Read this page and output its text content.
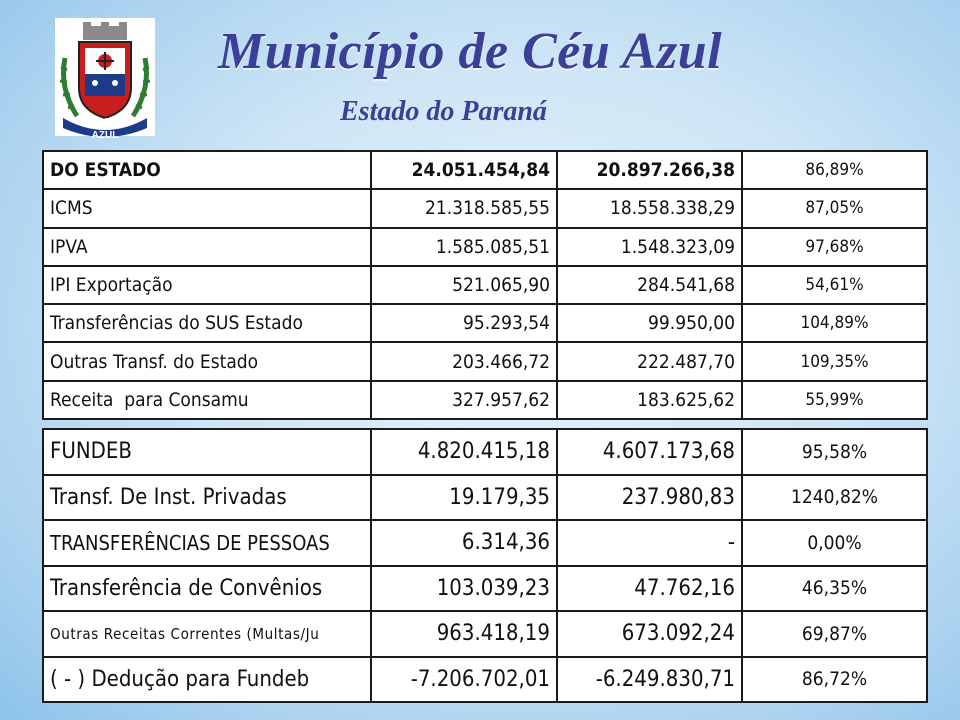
CÉU AZUL
Município de Céu Azul
Estado do Paraná
DO ESTADO	24.051.454,84	20.897.266,38	86,89%
ICMS	21.318.585,55	18.558.338,29	87,05%
IPVA	1.585.085,51	1.548.323,09	97,68%
IPI Exportação	521.065,90	284.541,68	54,61%
Transferências do SUS Estado	95.293,54	99.950,00	104,89%
Outras Transf. do Estado	203.466,72	222.487,70	109,35%
Receita  para Consamu	327.957,62	183.625,62	55,99%
FUNDEB	4.820.415,18	4.607.173,68	95,58%
Transf. De Inst. Privadas	19.179,35	237.980,83	1240,82%
TRANSFERÊNCIAS DE PESSOAS	6.314,36	-	0,00%
Transferência de Convênios	103.039,23	47.762,16	46,35%
Outras Receitas Correntes (Multas/Ju	963.418,19	673.092,24	69,87%
( - ) Dedução para Fundeb	-7.206.702,01	-6.249.830,71	86,72%
